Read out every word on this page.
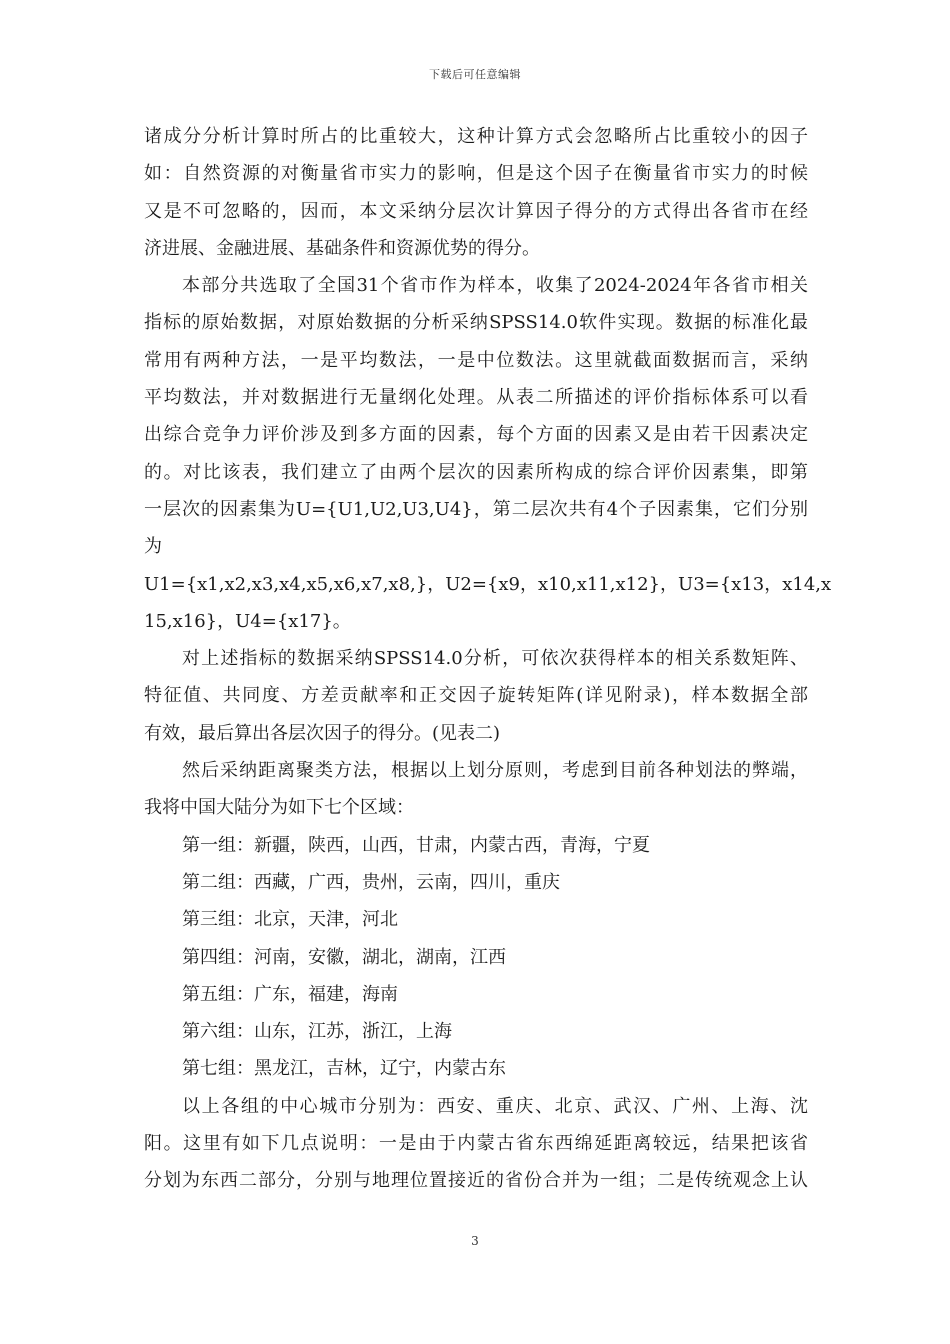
下载后可任意编辑
诸成分分析计算时所占的比重较大，这种计算方式会忽略所占比重较小的因子
如：自然资源的对衡量省市实力的影响，但是这个因子在衡量省市实力的时候
又是不可忽略的，因而，本文采纳分层次计算因子得分的方式得出各省市在经
济进展、金融进展、基础条件和资源优势的得分。
本部分共选取了全国31个省市作为样本，收集了2024-2024年各省市相关
指标的原始数据，对原始数据的分析采纳SPSS14.0软件实现。数据的标准化最
常用有两种方法，一是平均数法，一是中位数法。这里就截面数据而言，采纳
平均数法，并对数据进行无量纲化处理。从表二所描述的评价指标体系可以看
出综合竞争力评价涉及到多方面的因素，每个方面的因素又是由若干因素决定
的。对比该表，我们建立了由两个层次的因素所构成的综合评价因素集，即第
一层次的因素集为U={U1,U2,U3,U4}，第二层次共有4个子因素集，它们分别
为
U1={x1,x2,x3,x4,x5,x6,x7,x8,}，U2={x9，x10,x11,x12}，U3={x13，x14,x
15,x16}，U4={x17}。
对上述指标的数据采纳SPSS14.0分析，可依次获得样本的相关系数矩阵、
特征值、共同度、方差贡献率和正交因子旋转矩阵(详见附录)，样本数据全部
有效，最后算出各层次因子的得分。(见表二)
然后采纳距离聚类方法，根据以上划分原则，考虑到目前各种划法的弊端，
我将中国大陆分为如下七个区域：
第一组：新疆，陕西，山西，甘肃，内蒙古西，青海，宁夏
第二组：西藏，广西，贵州，云南，四川，重庆
第三组：北京，天津，河北
第四组：河南，安徽，湖北，湖南，江西
第五组：广东，福建，海南
第六组：山东，江苏，浙江，上海
第七组：黑龙江，吉林，辽宁，内蒙古东
以上各组的中心城市分别为：西安、重庆、北京、武汉、广州、上海、沈
阳。这里有如下几点说明：一是由于内蒙古省东西绵延距离较远，结果把该省
分划为东西二部分，分别与地理位置接近的省份合并为一组；二是传统观念上认
3
